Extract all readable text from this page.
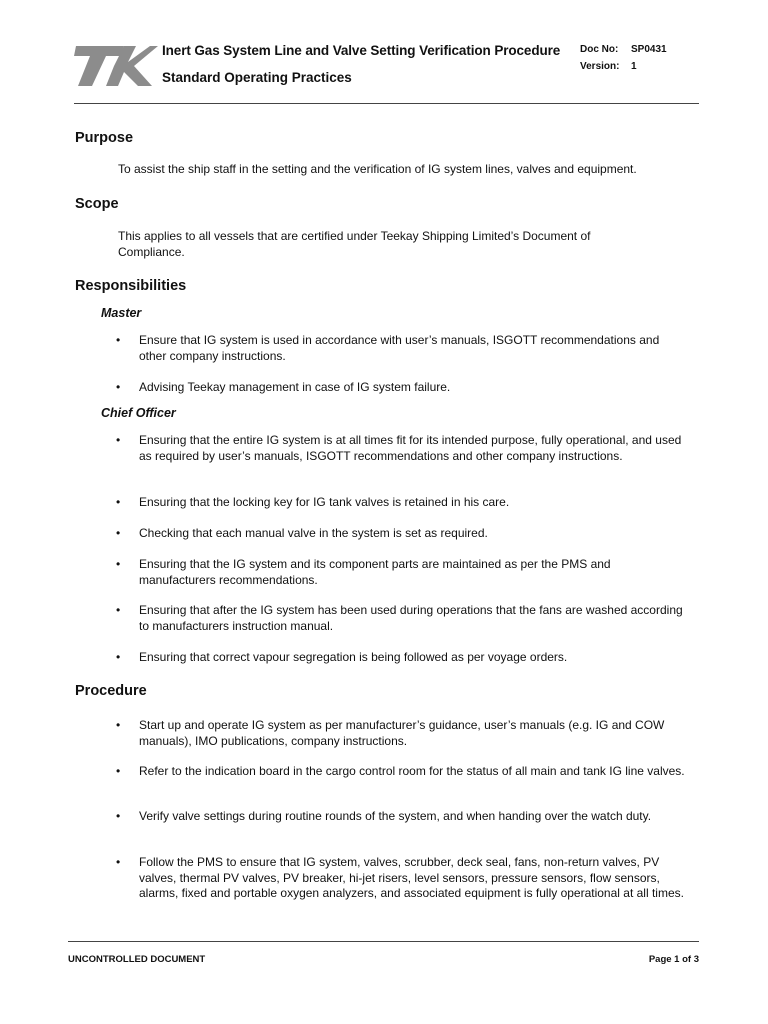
Inert Gas System Line and Valve Setting Verification Procedure
Standard Operating Practices
Doc No: SP0431
Version: 1
Purpose

To assist the ship staff in the setting and the verification of IG system lines, valves and equipment.

Scope

This applies to all vessels that are certified under Teekay Shipping Limited’s Document of Compliance.

Responsibilities
Master
• Ensure that IG system is used in accordance with user’s manuals, ISGOTT recommendations and other company instructions.
• Advising Teekay management in case of IG system failure.
Chief Officer
• Ensuring that the entire IG system is at all times fit for its intended purpose, fully operational, and used as required by user’s manuals, ISGOTT recommendations and other company instructions.
• Ensuring that the locking key for IG tank valves is retained in his care.
• Checking that each manual valve in the system is set as required.
• Ensuring that the IG system and its component parts are maintained as per the PMS and manufacturers recommendations.
• Ensuring that after the IG system has been used during operations that the fans are washed according to manufacturers instruction manual.
• Ensuring that correct vapour segregation is being followed as per voyage orders.
Procedure
• Start up and operate IG system as per manufacturer’s guidance, user’s manuals (e.g. IG and COW manuals), IMO publications, company instructions.
• Refer to the indication board in the cargo control room for the status of all main and tank IG line valves.
• Verify valve settings during routine rounds of the system, and when handing over the watch duty.
• Follow the PMS to ensure that IG system, valves, scrubber, deck seal, fans, non-return valves, PV valves, thermal PV valves, PV breaker, hi-jet risers, level sensors, pressure sensors, flow sensors, alarms, fixed and portable oxygen analyzers, and associated equipment is fully operational at all times.
UNCONTROLLED DOCUMENT	Page 1 of 3
